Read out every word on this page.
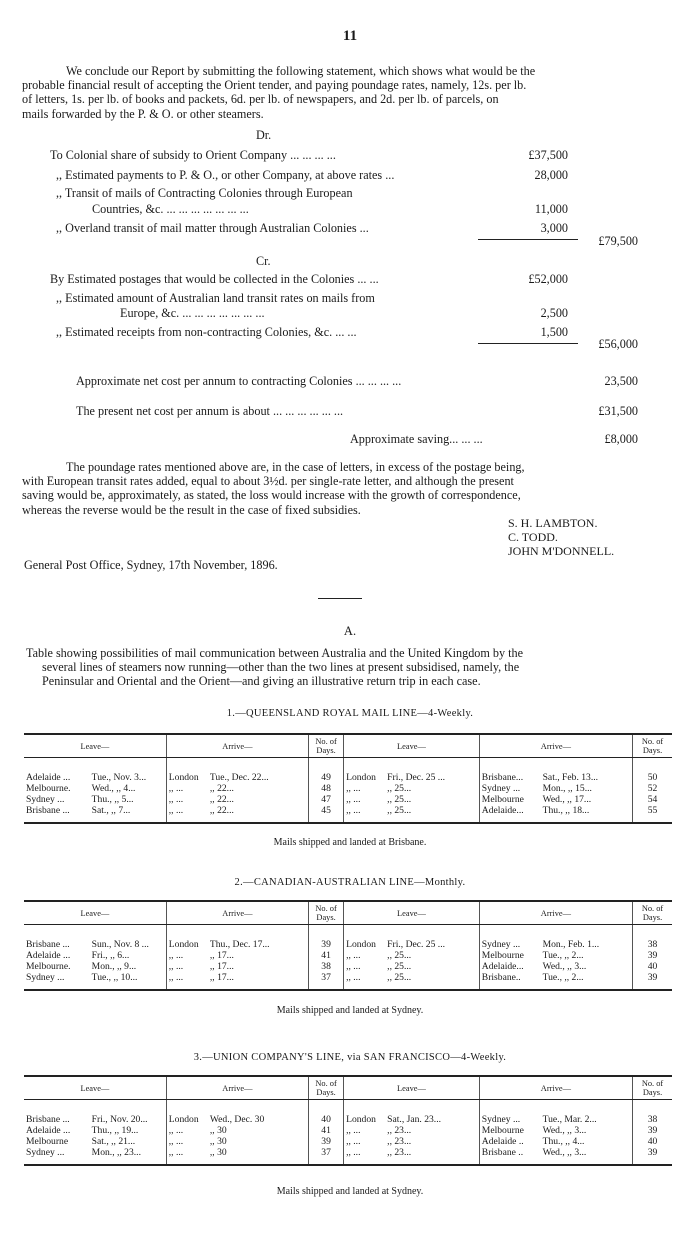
11
We conclude our Report by submitting the following statement, which shows what would be the
probable financial result of accepting the Orient tender, and paying poundage rates, namely, 12s. per lb.
of letters, 1s. per lb. of books and packets, 6d. per lb. of newspapers, and 2d. per lb. of parcels, on
mails forwarded by the P. & O. or other steamers.
Dr.
To Colonial share of subsidy to Orient Company ... ... ... ...	£37,500
,, Estimated payments to P. & O., or other Company, at above rates ...	28,000
,, Transit of mails of Contracting Colonies through European
Countries, &c. ... ... ... ... ... ... ...	11,000
,, Overland transit of mail matter through Australian Colonies ...	3,000
£79,500
Cr.
By Estimated postages that would be collected in the Colonies ... ...	£52,000
,, Estimated amount of Australian land transit rates on mails from
Europe, &c. ... ... ... ... ... ... ...	2,500
,, Estimated receipts from non-contracting Colonies, &c. ... ...	1,500
£56,000
Approximate net cost per annum to contracting Colonies ... ... ... ...	23,500
The present net cost per annum is about ... ... ... ... ... ...	£31,500
Approximate saving... ... ...	£8,000
The poundage rates mentioned above are, in the case of letters, in excess of the postage being,
with European transit rates added, equal to about 3½d. per single-rate letter, and although the present
saving would be, approximately, as stated, the loss would increase with the growth of correspondence,
whereas the reverse would be the result in the case of fixed subsidies.
S. H. LAMBTON.
C. TODD.
JOHN M'DONNELL.
General Post Office, Sydney, 17th November, 1896.
A.
Table showing possibilities of mail communication between Australia and the United Kingdom by the
several lines of steamers now running—other than the two lines at present subsidised, namely, the
Peninsular and Oriental and the Orient—and giving an illustrative return trip in each case.
1.—QUEENSLAND ROYAL MAIL LINE—4-Weekly.
Leave—		Arrive—		No. of Days.	Leave—		Arrive—		No. of Days.
Adelaide ...	Tue., Nov. 3...	London	Tue., Dec. 22...	49	London	Fri., Dec. 25 ...	Brisbane...	Sat., Feb. 13...	50
Melbourne.	Wed., ,, 4...	,, ...	,, 22...	48	,, ...	,, 25...	Sydney ...	Mon., ,, 15...	52
Sydney ...	Thu., ,, 5...	,, ...	,, 22...	47	,, ...	,, 25...	Melbourne	Wed., ,, 17...	54
Brisbane ...	Sat., ,, 7...	,, ...	,, 22...	45	,, ...	,, 25...	Adelaide...	Thu., ,, 18...	55
Mails shipped and landed at Brisbane.
2.—CANADIAN-AUSTRALIAN LINE—Monthly.
Leave—		Arrive—		No. of Days.	Leave—		Arrive—		No. of Days.
Brisbane ...	Sun., Nov. 8 ...	London	Thu., Dec. 17...	39	London	Fri., Dec. 25 ...	Sydney ...	Mon., Feb. 1...	38
Adelaide ...	Fri., ,, 6...	,, ...	,, 17...	41	,, ...	,, 25...	Melbourne	Tue., ,, 2...	39
Melbourne.	Mon., ,, 9...	,, ...	,, 17...	38	,, ...	,, 25...	Adelaide...	Wed., ,, 3...	40
Sydney ...	Tue., ,, 10...	,, ...	,, 17...	37	,, ...	,, 25...	Brisbane..	Tue., ,, 2...	39
Mails shipped and landed at Sydney.
3.—UNION COMPANY'S LINE, via SAN FRANCISCO—4-Weekly.
Leave—		Arrive—		No. of Days.	Leave—		Arrive—		No. of Days.
Brisbane ...	Fri., Nov. 20...	London	Wed., Dec. 30	40	London	Sat., Jan. 23...	Sydney ...	Tue., Mar. 2...	38
Adelaide ...	Thu., ,, 19...	,, ...	,, 30	41	,, ...	,, 23...	Melbourne	Wed., ,, 3...	39
Melbourne	Sat., ,, 21...	,, ...	,, 30	39	,, ...	,, 23...	Adelaide ..	Thu., ,, 4...	40
Sydney ...	Mon., ,, 23...	,, ...	,, 30	37	,, ...	,, 23...	Brisbane ..	Wed., ,, 3...	39
Mails shipped and landed at Sydney.
